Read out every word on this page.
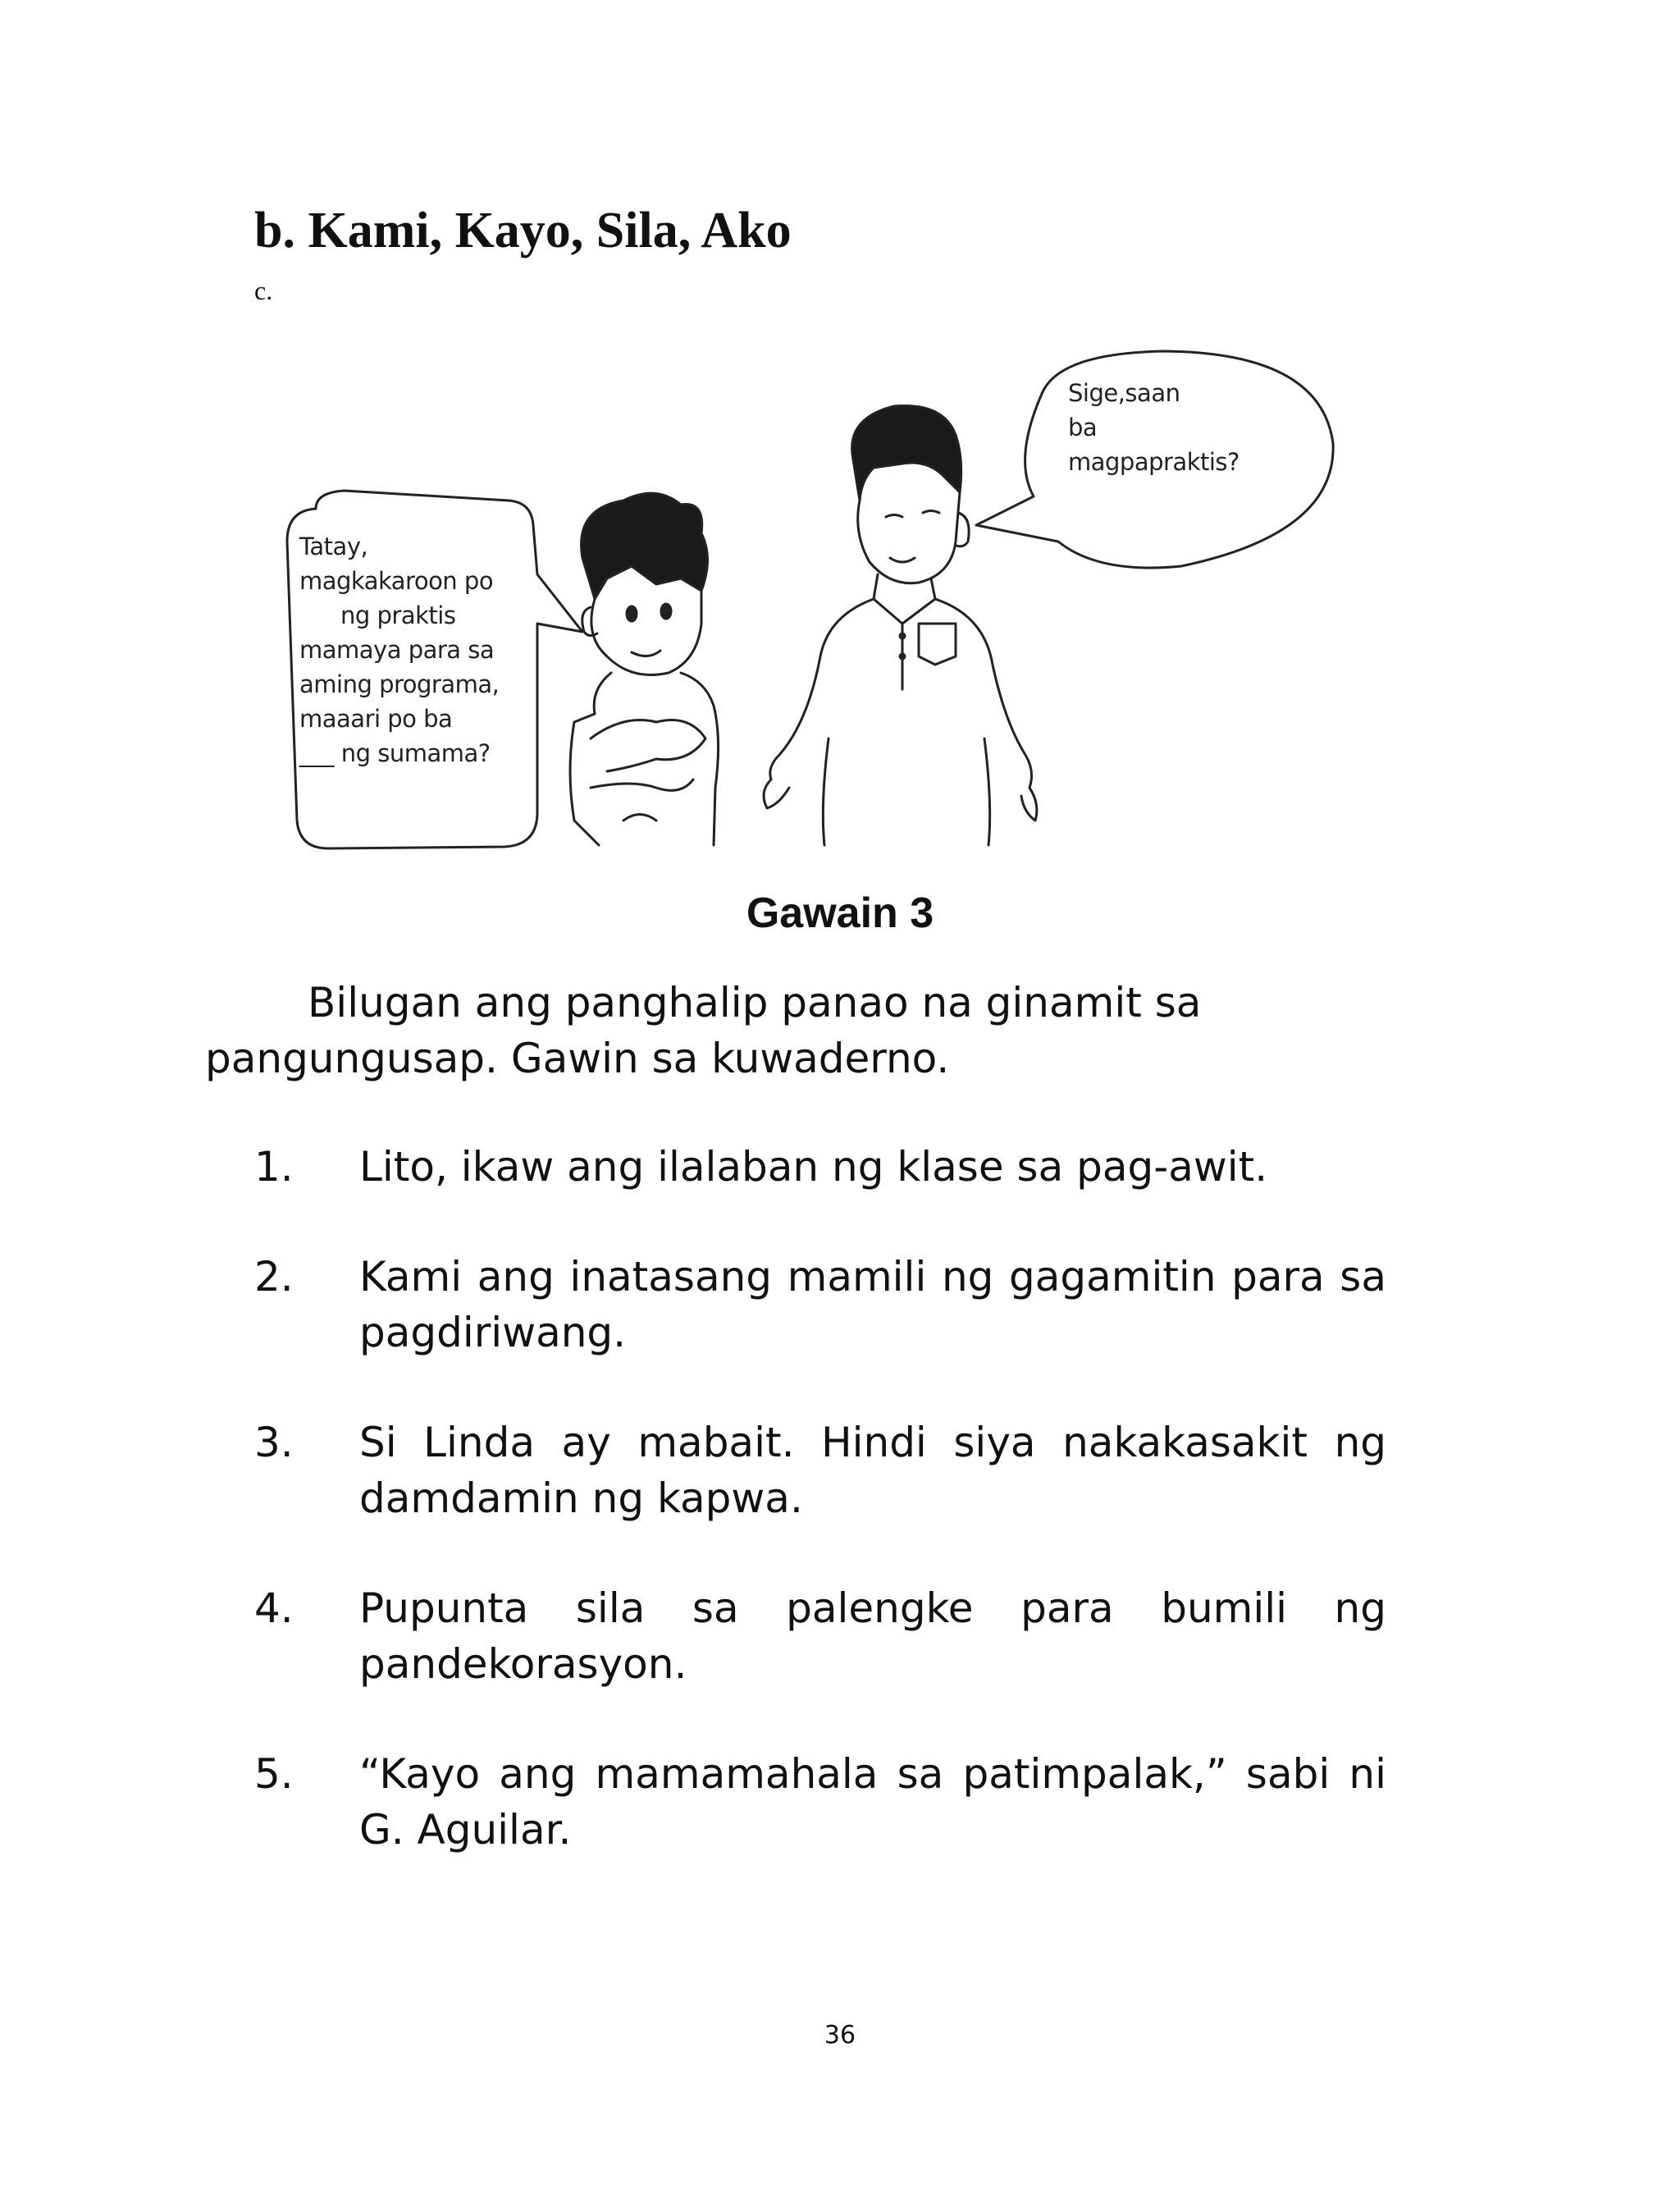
b. Kami, Kayo, Sila, Ako
c.
Tatay,
magkakaroon po
ng praktis
mamaya para sa
aming programa,
maaari po ba
___ ng sumama?
Sige,saan
ba
magpapraktis?
Gawain 3

Bilugan ang panghalip panao na ginamit sa pangungusap. Gawin sa kuwaderno.

1. Lito, ikaw ang ilalaban ng klase sa pag-awit.
2. Kami ang inatasang mamili ng gagamitin para sa pagdiriwang.
3. Si Linda ay mabait. Hindi siya nakakasakit ng damdamin ng kapwa.
4. Pupunta sila sa palengke para bumili ng pandekorasyon.
5. “Kayo ang mamamahala sa patimpalak,” sabi ni G. Aguilar.
36
